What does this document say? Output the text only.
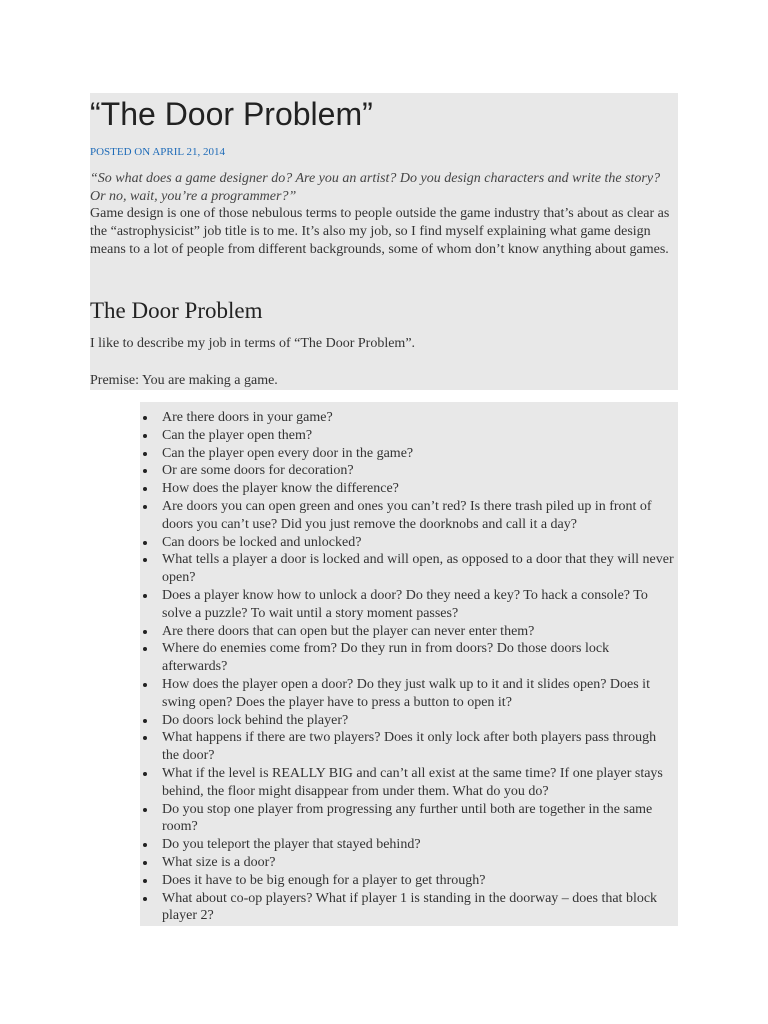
“The Door Problem”
POSTED ON APRIL 21, 2014

“So what does a game designer do? Are you an artist? Do you design characters and write the story? Or no, wait, you’re a programmer?”

Game design is one of those nebulous terms to people outside the game industry that’s about as clear as the “astrophysicist” job title is to me. It’s also my job, so I find myself explaining what game design means to a lot of people from different backgrounds, some of whom don’t know anything about games.

The Door Problem

I like to describe my job in terms of “The Door Problem”.

Premise: You are making a game.

Are there doors in your game?
Can the player open them?
Can the player open every door in the game?
Or are some doors for decoration?
How does the player know the difference?
Are doors you can open green and ones you can’t red? Is there trash piled up in front of doors you can’t use? Did you just remove the doorknobs and call it a day?
Can doors be locked and unlocked?
What tells a player a door is locked and will open, as opposed to a door that they will never open?
Does a player know how to unlock a door? Do they need a key? To hack a console? To solve a puzzle? To wait until a story moment passes?
Are there doors that can open but the player can never enter them?
Where do enemies come from? Do they run in from doors? Do those doors lock afterwards?
How does the player open a door? Do they just walk up to it and it slides open? Does it swing open? Does the player have to press a button to open it?
Do doors lock behind the player?
What happens if there are two players? Does it only lock after both players pass through the door?
What if the level is REALLY BIG and can’t all exist at the same time? If one player stays behind, the floor might disappear from under them. What do you do?
Do you stop one player from progressing any further until both are together in the same room?
Do you teleport the player that stayed behind?
What size is a door?
Does it have to be big enough for a player to get through?
What about co-op players? What if player 1 is standing in the doorway – does that block player 2?
